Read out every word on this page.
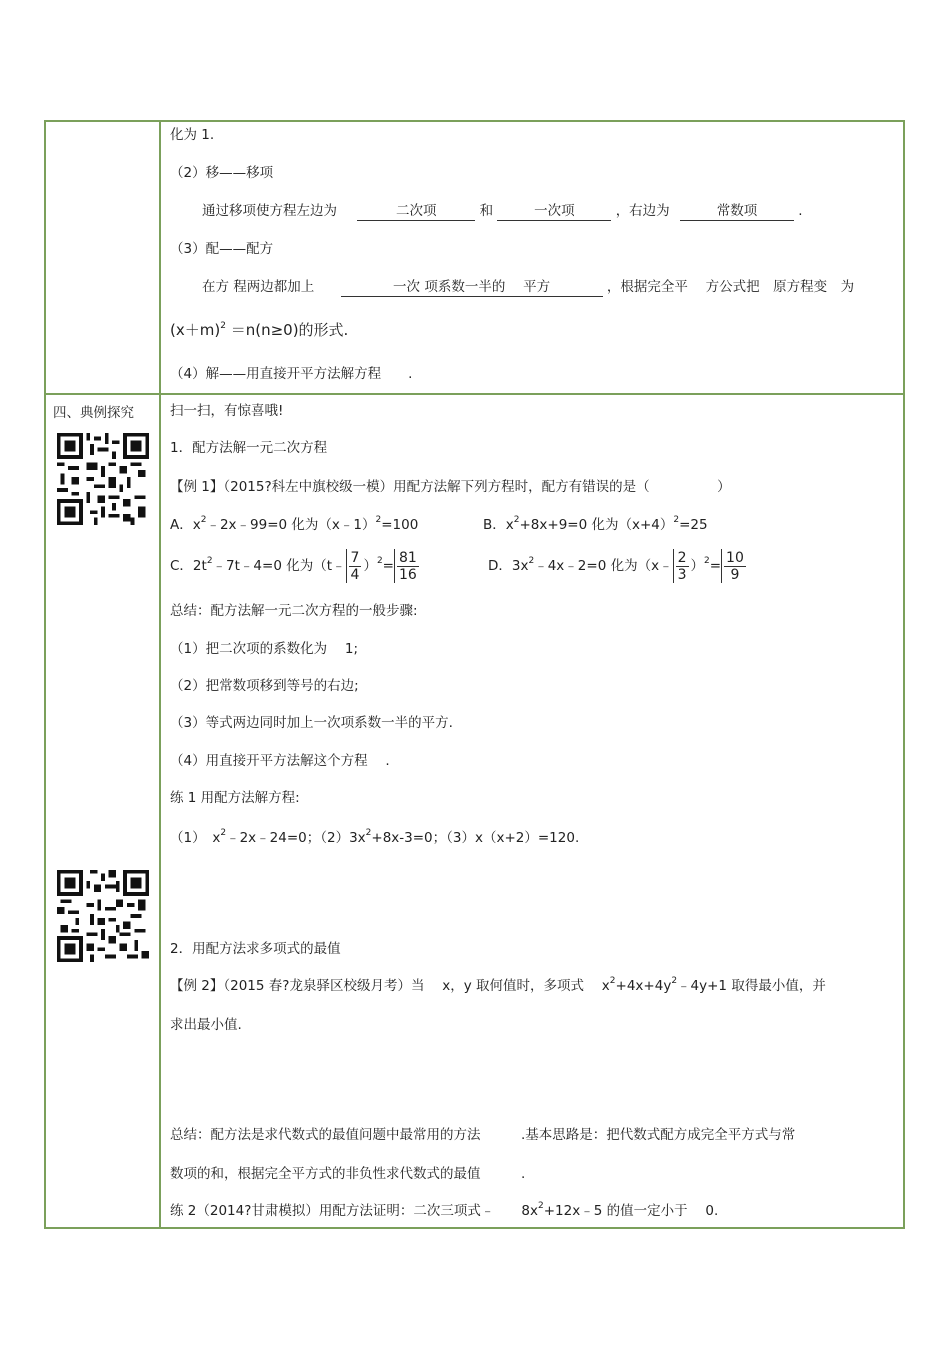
化为 1.
（2）移——移项
通过移项使方程左边为	二次项	和	一次项	，右边为	常数项	.
（3）配——配方
在方 程两边都加上	一次 项系数一半的　 平方	，根据完全平　 方公式把　原方程变　为
$(x+m)^2 =n(n\ge 0)$的形式.
（4）解——用直接开平方法解方程　　.
四、典例探究	扫一扫，有惊喜哦!
1．配方法解一元二次方程
【例 1】（2015?科左中旗校级一模）用配方法解下列方程时，配方有错误的是（　　　　　）
A．$x^2﹣2x﹣99=0$ 化为（x﹣1）$^2$=100	B．$x^2+8x+9=0$ 化为$(x+4)^2=25$
C．$2t^2﹣7t﹣4=0$ 化为（t﹣ $\frac{7}{4} )^2= \frac{81}{16}$	D．$3x^2﹣4x﹣2=0$ 化为（x﹣ $\frac{2}{3} )^2= \frac{10}{9}$
总结：配方法解一元二次方程的一般步骤:
（1）把二次项的系数化为　 1;
（2）把常数项移到等号的右边;
（3）等式两边同时加上一次项系数一半的平方.
（4）用直接开平方法解这个方程　 .
练 1 用配方法解方程:
（1）　$x^2﹣2x﹣24=0$；$(2)3x^2+8x-3=0$；（3）x（x+2）=120.
2．用配方法求多项式的最值
【例 2】（2015 春?龙泉驿区校级月考）当　 x，y 取何值时，多项式　 $x^2+4x+4y^2﹣4y+1$ 取得最小值，并
求出最小值.
总结：配方法是求代数式的最值问题中最常用的方法　　　.基本思路是：把代数式配方成完全平方式与常
数项的和，根据完全平方式的非负性求代数式的最值　　　.
练 2（2014?甘肃模拟）用配方法证明：二次三项式﹣　　$8x^2+12x﹣5$ 的值一定小于　 0.
